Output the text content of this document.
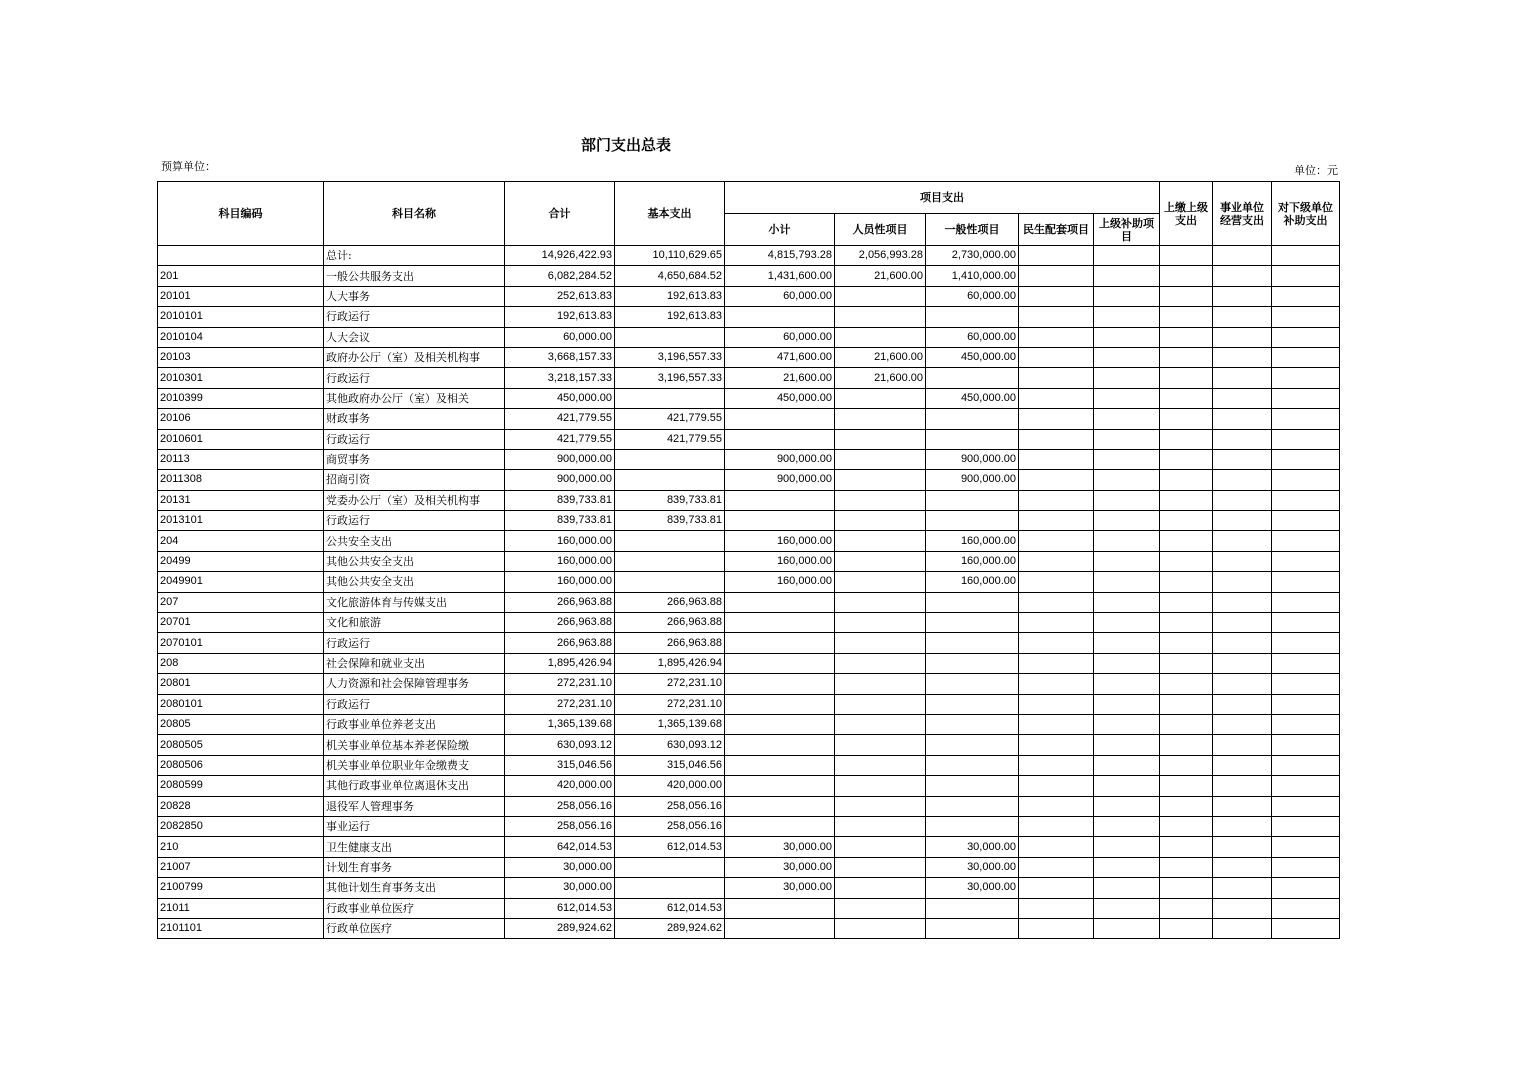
部门支出总表
预算单位：	单位：元
科目编码	科目名称	合计	基本支出	项目支出					上缴上级支出	事业单位经营支出	对下级单位补助支出
				小计	人员性项目	一般性项目	民生配套项目	上级补助项目			
	总计:	14,926,422.93	10,110,629.65	4,815,793.28	2,056,993.28	2,730,000.00					
201	一般公共服务支出	6,082,284.52	4,650,684.52	1,431,600.00	21,600.00	1,410,000.00					
20101	人大事务	252,613.83	192,613.83	60,000.00		60,000.00					
2010101	行政运行	192,613.83	192,613.83								
2010104	人大会议	60,000.00		60,000.00		60,000.00					
20103	政府办公厅（室）及相关机构事	3,668,157.33	3,196,557.33	471,600.00	21,600.00	450,000.00					
2010301	行政运行	3,218,157.33	3,196,557.33	21,600.00	21,600.00						
2010399	其他政府办公厅（室）及相关	450,000.00		450,000.00		450,000.00					
20106	财政事务	421,779.55	421,779.55								
2010601	行政运行	421,779.55	421,779.55								
20113	商贸事务	900,000.00		900,000.00		900,000.00					
2011308	招商引资	900,000.00		900,000.00		900,000.00					
20131	党委办公厅（室）及相关机构事	839,733.81	839,733.81								
2013101	行政运行	839,733.81	839,733.81								
204	公共安全支出	160,000.00		160,000.00		160,000.00					
20499	其他公共安全支出	160,000.00		160,000.00		160,000.00					
2049901	其他公共安全支出	160,000.00		160,000.00		160,000.00					
207	文化旅游体育与传媒支出	266,963.88	266,963.88								
20701	文化和旅游	266,963.88	266,963.88								
2070101	行政运行	266,963.88	266,963.88								
208	社会保障和就业支出	1,895,426.94	1,895,426.94								
20801	人力资源和社会保障管理事务	272,231.10	272,231.10								
2080101	行政运行	272,231.10	272,231.10								
20805	行政事业单位养老支出	1,365,139.68	1,365,139.68								
2080505	机关事业单位基本养老保险缴	630,093.12	630,093.12								
2080506	机关事业单位职业年金缴费支	315,046.56	315,046.56								
2080599	其他行政事业单位离退休支出	420,000.00	420,000.00								
20828	退役军人管理事务	258,056.16	258,056.16								
2082850	事业运行	258,056.16	258,056.16								
210	卫生健康支出	642,014.53	612,014.53	30,000.00		30,000.00					
21007	计划生育事务	30,000.00		30,000.00		30,000.00					
2100799	其他计划生育事务支出	30,000.00		30,000.00		30,000.00					
21011	行政事业单位医疗	612,014.53	612,014.53								
2101101	行政单位医疗	289,924.62	289,924.62								
